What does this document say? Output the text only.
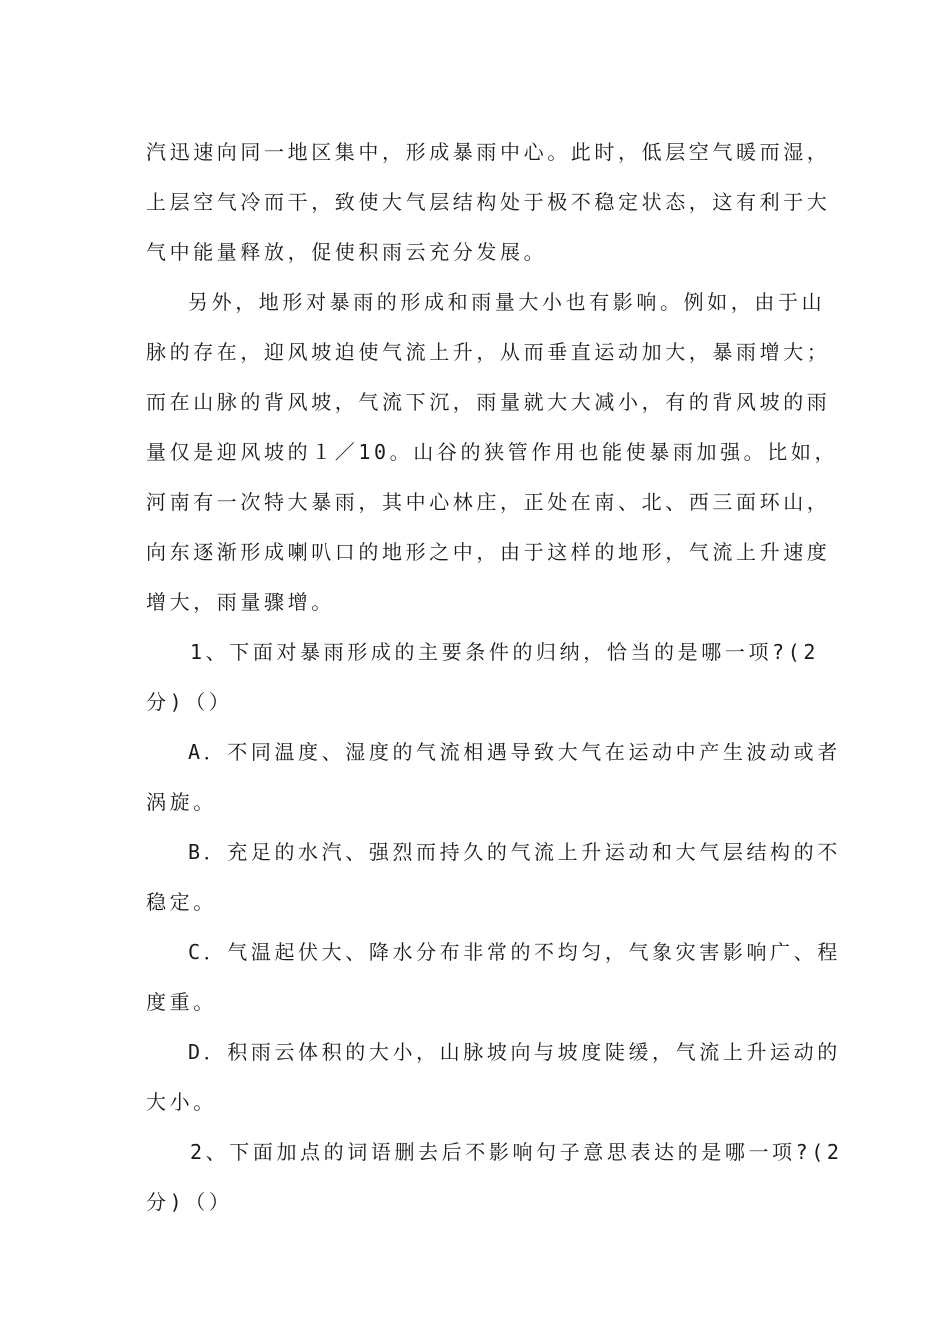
汽迅速向同一地区集中，形成暴雨中心。此时，低层空气暖而湿，
上层空气冷而干，致使大气层结构处于极不稳定状态，这有利于大
气中能量释放，促使积雨云充分发展。
另外，地形对暴雨的形成和雨量大小也有影响。例如，由于山
脉的存在，迎风坡迫使气流上升，从而垂直运动加大，暴雨增大；
而在山脉的背风坡，气流下沉，雨量就大大减小，有的背风坡的雨
量仅是迎风坡的１／10。山谷的狭管作用也能使暴雨加强。比如，
河南有一次特大暴雨，其中心林庄，正处在南、北、西三面环山，
向东逐渐形成喇叭口的地形之中，由于这样的地形，气流上升速度
增大，雨量骤增。
1、下面对暴雨形成的主要条件的归纳，恰当的是哪一项?(2
分)（）
A．不同温度、湿度的气流相遇导致大气在运动中产生波动或者
涡旋。
B．充足的水汽、强烈而持久的气流上升运动和大气层结构的不
稳定。
C．气温起伏大、降水分布非常的不均匀，气象灾害影响广、程
度重。
D．积雨云体积的大小，山脉坡向与坡度陡缓，气流上升运动的
大小。
2、下面加点的词语删去后不影响句子意思表达的是哪一项?(2
分)（）
